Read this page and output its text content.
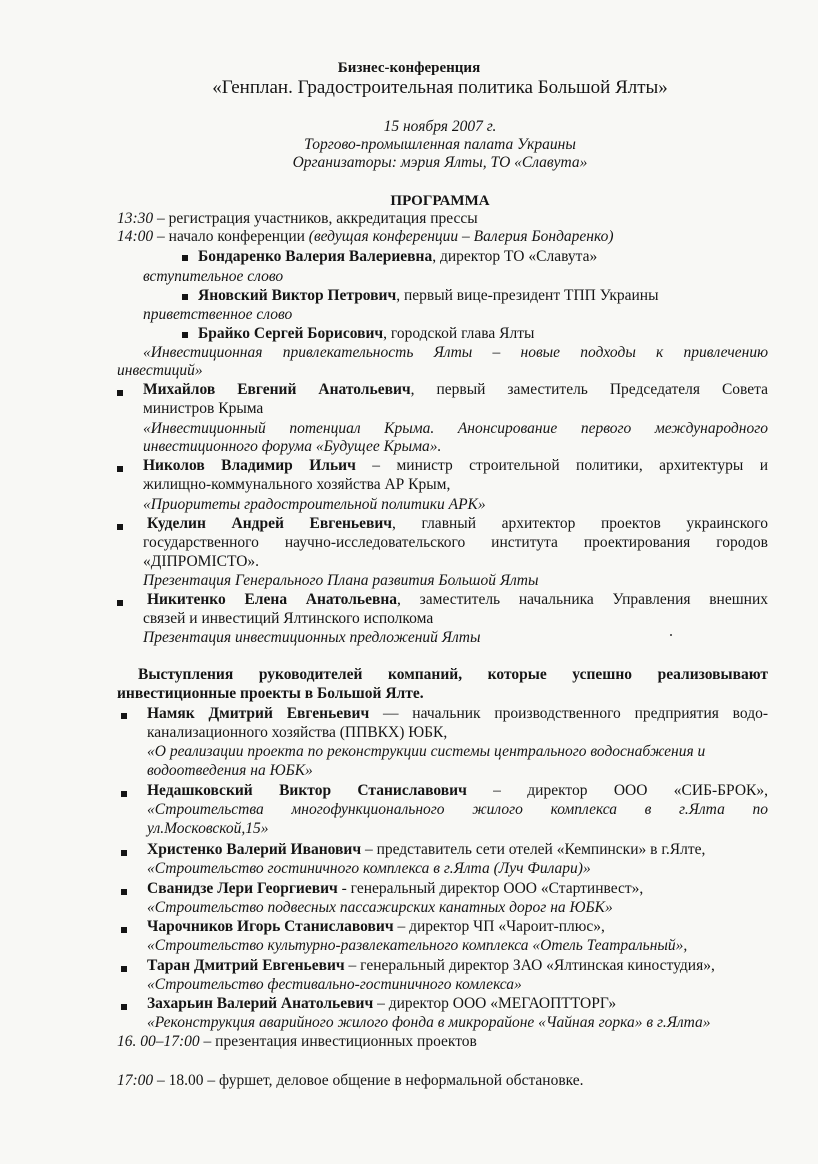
Бизнес-конференция
«Генплан. Градостроительная политика Большой Ялты»
15 ноября 2007 г.
Торгово-промышленная палата Украины
Организаторы: мэрия Ялты, ТО «Славута»
ПРОГРАММА
13:30 – регистрация участников, аккредитация прессы
14:00 – начало конференции (ведущая конференции – Валерия Бондаренко)
Бондаренко Валерия Валериевна, директор ТО «Славута»
вступительное слово
Яновский Виктор Петрович, первый вице-президент ТПП Украины
приветственное слово
Брайко Сергей Борисович, городской глава Ялты
«Инвестиционная привлекательность Ялты – новые подходы к привлечению
инвестиций»
Михайлов Евгений Анатольевич, первый заместитель Председателя Совета
министров Крыма
«Инвестиционный потенциал Крыма. Анонсирование первого международного
инвестиционного форума «Будущее Крыма».
Николов Владимир Ильич – министр строительной политики, архитектуры и
жилищно-коммунального хозяйства АР Крым,
«Приоритеты градостроительной политики АРК»
Куделин Андрей Евгеньевич, главный архитектор проектов украинского
государственного научно-исследовательского института проектирования городов
«ДІПРОМІСТО».
Презентация Генерального Плана развития Большой Ялты
Никитенко Елена Анатольевна, заместитель начальника Управления внешних
связей и инвестиций Ялтинского исполкома
Презентация инвестиционных предложений Ялты
Выступления руководителей компаний, которые успешно реализовывают
инвестиционные проекты в Большой Ялте.
Намяк Дмитрий Евгеньевич — начальник производственного предприятия водо-
канализационного хозяйства (ППВКХ) ЮБК,
«О реализации проекта по реконструкции системы центрального водоснабжения и
водоотведения на ЮБК»
Недашковский Виктор Станиславович – директор ООО «СИБ-БРОК»,
«Строительства многофункционального жилого комплекса в г.Ялта по
ул.Московской,15»
Христенко Валерий Иванович – представитель сети отелей «Кемпински» в г.Ялте,
«Строительство гостиничного комплекса в г.Ялта (Луч Филари)»
Сванидзе Лери Георгиевич - генеральный директор ООО «Стартинвест»,
«Строительство подвесных пассажирских канатных дорог на ЮБК»
Чарочников Игорь Станиславович – директор ЧП «Чароит-плюс»,
«Строительство культурно-развлекательного комплекса «Отель Театральный»,
Таран Дмитрий Евгеньевич – генеральный директор ЗАО «Ялтинская киностудия»,
«Строительство фестивально-гостиничного комлекса»
Захарьин Валерий Анатольевич – директор ООО «МЕГАОПТТОРГ»
«Реконструкция аварийного жилого фонда в микрорайоне «Чайная горка» в г.Ялта»
16. 00–17:00 – презентация инвестиционных проектов
17:00 – 18.00 – фуршет, деловое общение в неформальной обстановке.
